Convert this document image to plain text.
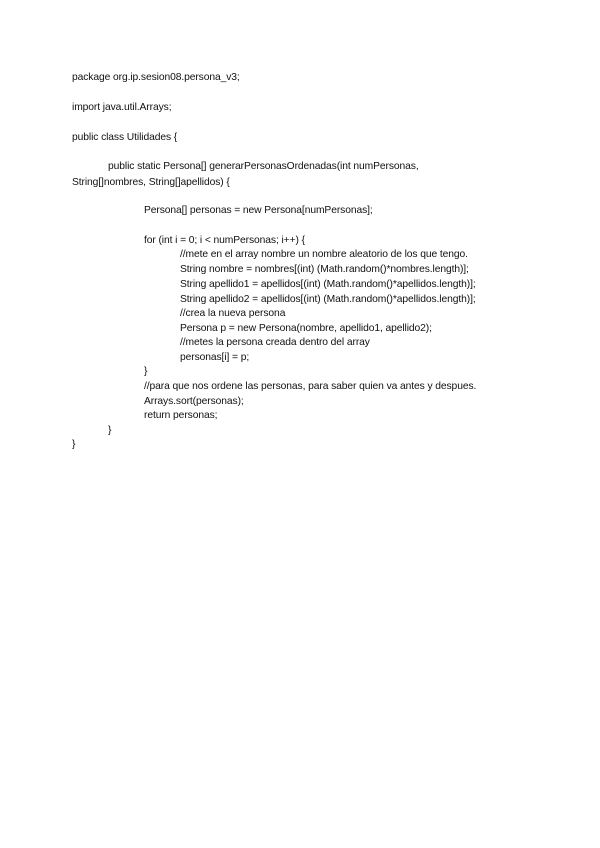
package org.ip.sesion08.persona_v3;
import java.util.Arrays;
public class Utilidades {
public static Persona[] generarPersonasOrdenadas(int numPersonas,
String[]nombres, String[]apellidos) {
Persona[] personas = new Persona[numPersonas];
for (int i = 0; i < numPersonas; i++) {
//mete en el array nombre un nombre aleatorio de los que tengo.
String nombre = nombres[(int) (Math.random()*nombres.length)];
String apellido1 = apellidos[(int) (Math.random()*apellidos.length)];
String apellido2 = apellidos[(int) (Math.random()*apellidos.length)];
//crea la nueva persona
Persona p = new Persona(nombre, apellido1, apellido2);
//metes la persona creada dentro del array
personas[i] = p;
}
//para que nos ordene las personas, para saber quien va antes y despues.
Arrays.sort(personas);
return personas;
}
}
